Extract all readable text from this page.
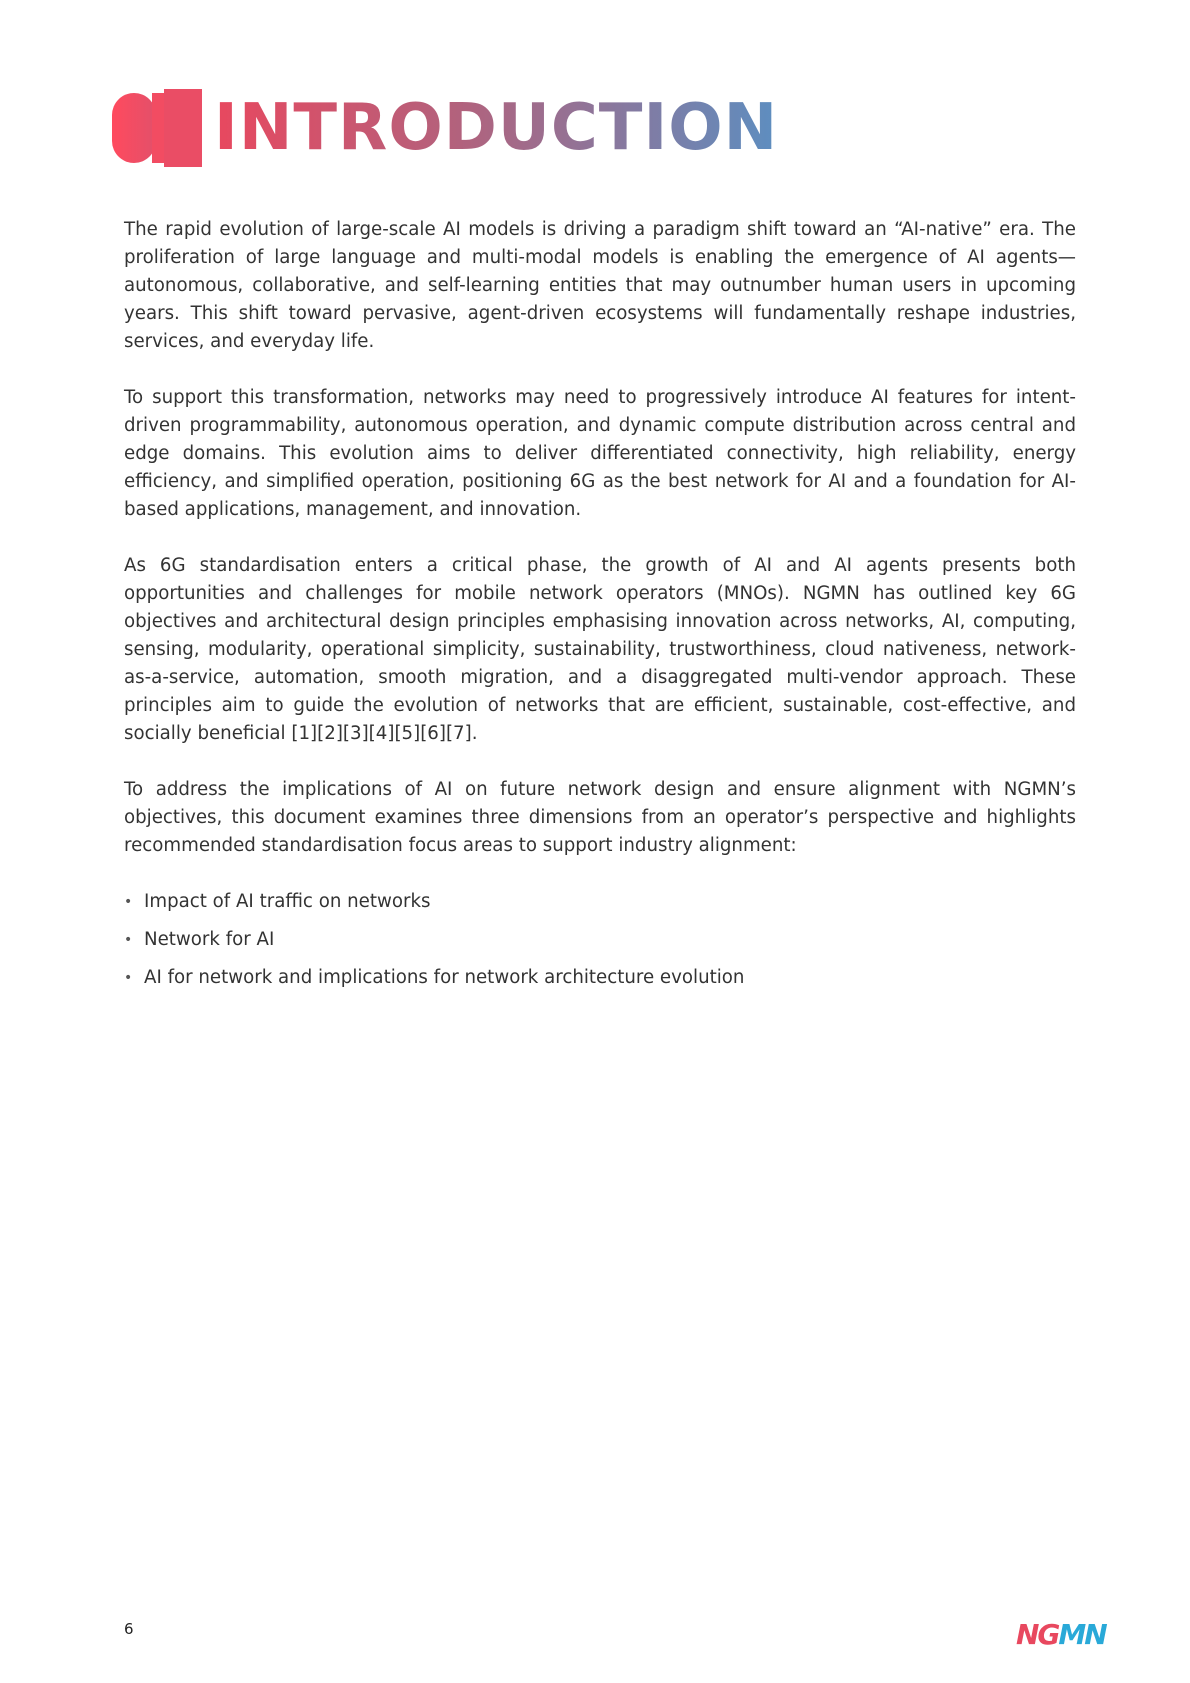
INTRODUCTION

The rapid evolution of large-scale AI models is driving a paradigm shift toward an “AI-native” era. The proliferation of large language and multi-modal models is enabling the emergence of AI agents—autonomous, collaborative, and self-learning entities that may outnumber human users in upcoming years. This shift toward pervasive, agent-driven ecosystems will fundamentally reshape industries, services, and everyday life.

To support this transformation, networks may need to progressively introduce AI features for intent-driven programmability, autonomous operation, and dynamic compute distribution across central and edge domains. This evolution aims to deliver differentiated connectivity, high reliability, energy efficiency, and simplified operation, positioning 6G as the best network for AI and a foundation for AI-based applications, management, and innovation.

As 6G standardisation enters a critical phase, the growth of AI and AI agents presents both opportunities and challenges for mobile network operators (MNOs). NGMN has outlined key 6G objectives and architectural design principles emphasising innovation across networks, AI, computing, sensing, modularity, operational simplicity, sustainability, trustworthiness, cloud nativeness, network-as-a-service, automation, smooth migration, and a disaggregated multi-vendor approach. These principles aim to guide the evolution of networks that are efficient, sustainable, cost-effective, and socially beneficial [1][2][3][4][5][6][7].

To address the implications of AI on future network design and ensure alignment with NGMN’s objectives, this document examines three dimensions from an operator’s perspective and highlights recommended standardisation focus areas to support industry alignment:

• Impact of AI traffic on networks
• Network for AI
• AI for network and implications for network architecture evolution
6	NGMN
